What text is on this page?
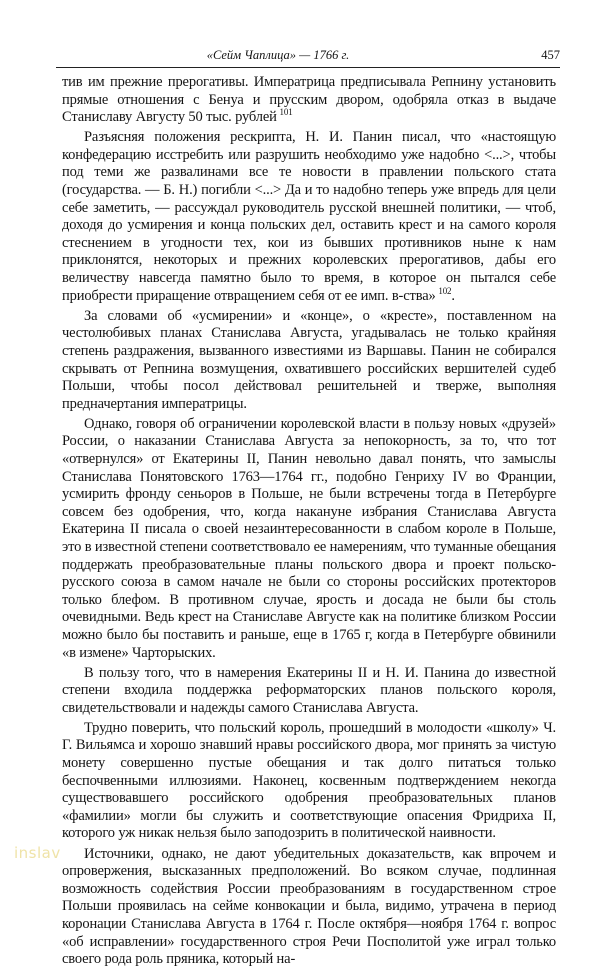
«Сейм Чаплица» — 1766 г.	457

тив им прежние прерогативы. Императрица предписывала Репнину установить прямые отношения с Бенуа и прусским двором, одобряла отказ в выдаче Станиславу Августу 50 тыс. рублей  $^{101}$

Разъясняя положения рескрипта, Н. И. Панин писал, что «настоящую конфедерацию исстребить или разрушить необходимо уже надобно <...>, чтобы под теми же развалинами все те новости в правлении польского стата (государства. — Б. Н.) погибли <...> Да и то надобно теперь уже впредь для цели себе заметить, — рассуждал руководитель русской внешней политики, — чтоб, доходя до усмирения и конца польских дел, оставить крест и на самого короля стеснением в угодности тех, кои из бывших противников ныне к нам приклонятся, некоторых и прежних королевских прерогативов, дабы его величеству навсегда памятно было то время, в которое он пытался себе приобрести приращение отвращением себя от ее имп. в-ства»  $^{102}$.

За словами об «усмирении» и «конце», о «кресте», поставленном на честолюбивых планах Станислава Августа, угадывалась не только крайняя степень раздражения, вызванного известиями из Варшавы. Панин не собирался скрывать от Репнина возмущения, охватившего российских вершителей судеб Польши, чтобы посол действовал решительней и тверже, выполняя предначертания императрицы.

Однако, говоря об ограничении королевской власти в пользу новых «друзей» России, о наказании Станислава Августа за непокорность, за то, что тот «отвернулся» от Екатерины II, Панин невольно давал понять, что замыслы Станислава Понятовского 1763—1764 гг., подобно Генриху IV во Франции, усмирить фронду сеньоров в Польше, не были встречены тогда в Петербурге совсем без одобрения, что, когда накануне избрания Станислава Августа Екатерина II писала о своей незаинтересованности в слабом короле в Польше, это в известной степени соответствовало ее намерениям, что туманные обещания поддержать преобразовательные планы польского двора и проект польско-русского союза в самом начале не были со стороны российских протекторов только блефом. В противном случае, ярость и досада не были бы столь очевидными. Ведь крест на Станиславе Августе как на политике близком России можно было бы поставить и раньше, еще в 1765 г, когда в Петербурге обвинили «в измене» Чарторыских.

В пользу того, что в намерения Екатерины II и Н. И. Панина до известной степени входила поддержка реформаторских планов польского короля, свидетельствовали и надежды самого Станислава Августа.

Трудно поверить, что польский король, прошедший в молодости «школу» Ч. Г. Вильямса и хорошо знавший нравы российского двора, мог принять за чистую монету совершенно пустые обещания и так долго питаться только беспочвенными иллюзиями. Наконец, косвенным подтверждением некогда существовавшего российского одобрения преобразовательных планов «фамилии» могли бы служить и соответствующие опасения Фридриха II, которого уж никак нельзя было заподозрить в политической наивности.

Источники, однако, не дают убедительных доказательств, как впрочем и опровержения, высказанных предположений. Во всяком случае, подлинная возможность содействия России преобразованиям в государственном строе Польши проявилась на сейме конвокации и была, видимо, утрачена в период коронации Станислава Августа в 1764 г. После октября—ноября 1764 г. вопрос «об исправлении» государственного строя Речи Посполитой уже играл только своего рода роль пряника, который на-

inslav
